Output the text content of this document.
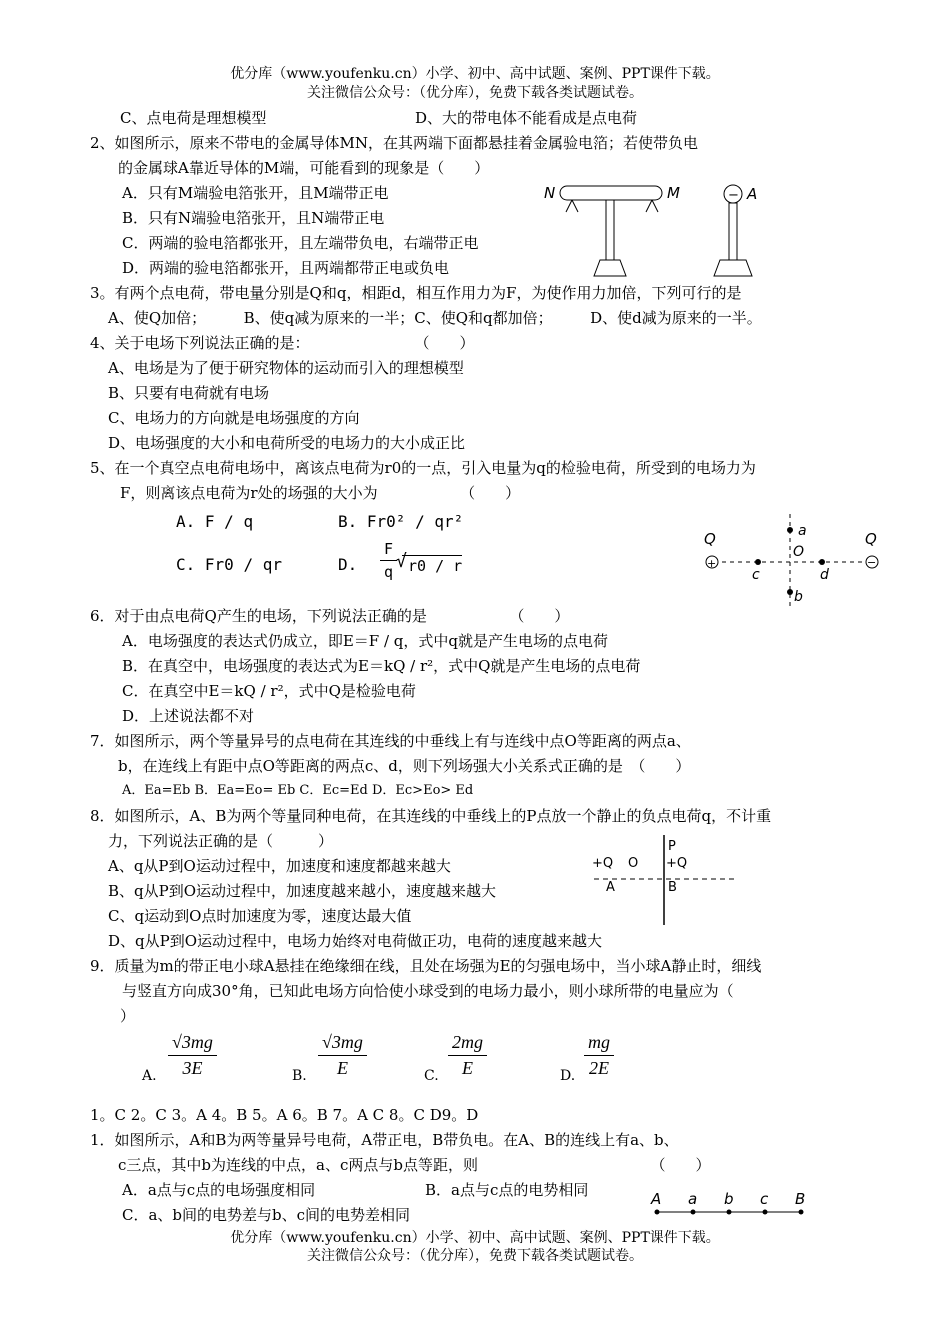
优分库（www.youfenku.cn）小学、初中、高中试题、案例、PPT课件下载。
关注微信公众号：（优分库），免费下载各类试题试卷。
C、点电荷是理想模型	D、大的带电体不能看成是点电荷
2、如图所示，原来不带电的金属导体MN，在其两端下面都悬挂着金属验电箔；若使带负电
的金属球A靠近导体的M端，可能看到的现象是（　　）
A．只有M端验电箔张开，且M端带正电
B．只有N端验电箔张开，且N端带正电
C．两端的验电箔都张开，且左端带负电，右端带正电
D．两端的验电箔都张开，且两端都带正电或负电
N	M	− A
3。有两个点电荷，带电量分别是Q和q，相距d，相互作用力为F，为使作用力加倍，下列可行的是
A、使Q加倍；　　　B、使q减为原来的一半；C、使Q和q都加倍；　　　D、使d减为原来的一半。
4、关于电场下列说法正确的是：　　　　　　　　（　　）
A、电场是为了便于研究物体的运动而引入的理想模型
B、只要有电荷就有电场
C、电场力的方向就是电场强度的方向
D、电场强度的大小和电荷所受的电场力的大小成正比
5、在一个真空点电荷电场中，离该点电荷为r0的一点，引入电量为q的检验电荷，所受到的电场力为
F，则离该点电荷为r处的场强的大小为　　　　　　（　　）
A. F / q	B. Fr0² / qr²
C. Fr0 / qr	D. $\frac{F}{q}$
√ r0 / r
Q	Q
+	−
a
b
c	d
O
6．对于由点电荷Q产生的电场，下列说法正确的是　　　　　　（　　）
A．电场强度的表达式仍成立，即E＝F / q，式中q就是产生电场的点电荷
B．在真空中，电场强度的表达式为E＝kQ / r²，式中Q就是产生电场的点电荷
C．在真空中E＝kQ / r²，式中Q是检验电荷
D．上述说法都不对
7．如图所示，两个等量异号的点电荷在其连线的中垂线上有与连线中点O等距离的两点a、
b，在连线上有距中点O等距离的两点c、d，则下列场强大小关系式正确的是　（　　）
A．Ea=Eb B．Ea=Eo= Eb C．Ec=Ed D．Ec>Eo> Ed
8．如图所示，A、B为两个等量同种电荷，在其连线的中垂线上的P点放一个静止的负点电荷q，不计重
力，下列说法正确的是（　　　）
A、q从P到O运动过程中，加速度和速度都越来越大
B、q从P到O运动过程中，加速度越来越小，速度越来越大
C、q运动到O点时加速度为零，速度达最大值
D、q从P到O运动过程中，电场力始终对电荷做正功，电荷的速度越来越大
P
+Q O +Q
A	B
9．质量为m的带正电小球A悬挂在绝缘细在线，且处在场强为E的匀强电场中，当小球A静止时，细线
与竖直方向成30°角，已知此电场方向恰使小球受到的电场力最小，则小球所带的电量应为（
）
A. $\frac{√3mg}{3E}$	B. $\frac{√3mg}{E}$	C. $\frac{2mg}{E}$	D. $\frac{mg}{2E}$
1。C 2。C 3。A 4。B 5。A 6。B 7。A C 8。C D9。D
1．如图所示，A和B为两等量异号电荷，A带正电，B带负电。在A、B的连线上有a、b、
c三点，其中b为连线的中点，a、c两点与b点等距，则　　　　　　　　　　　　（　　）
A．a点与c点的电场强度相同	B．a点与c点的电势相同
C．a、b间的电势差与b、c间的电势差相同
A a b c B
优分库（www.youfenku.cn）小学、初中、高中试题、案例、PPT课件下载。
关注微信公众号：（优分库），免费下载各类试题试卷。
